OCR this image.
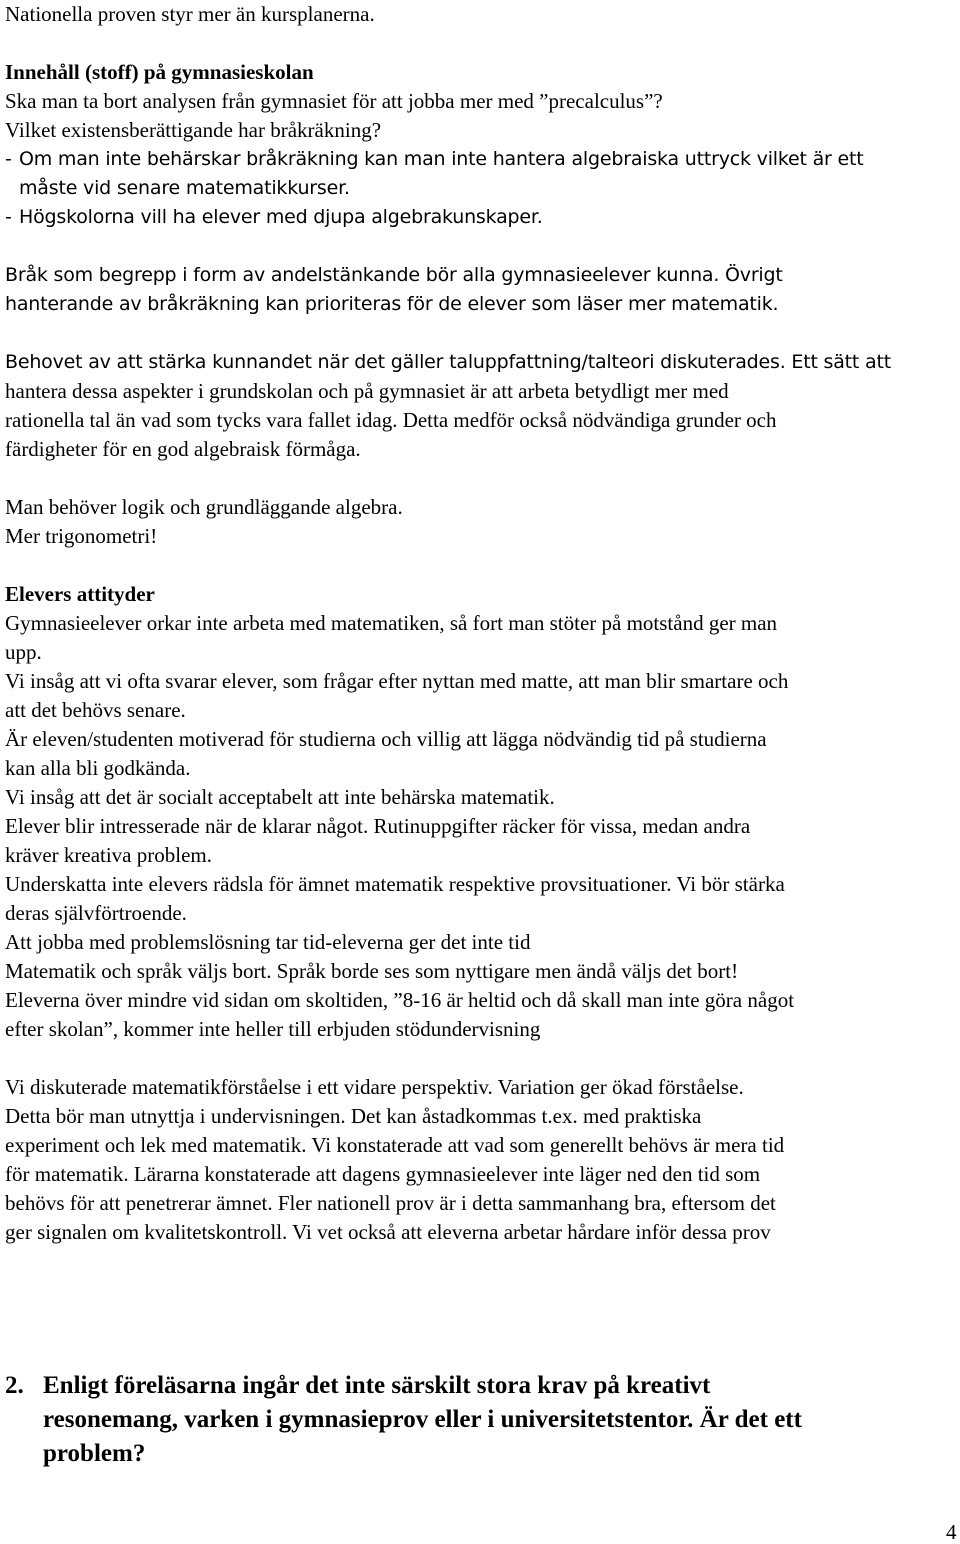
Nationella proven styr mer än kursplanerna.
Innehåll (stoff) på gymnasieskolan
Ska man ta bort analysen från gymnasiet för att jobba mer med ”precalculus”?
Vilket existensberättigande har bråkräkning?
- Om man inte behärskar bråkräkning kan man inte hantera algebraiska uttryck vilket är ett
måste vid senare matematikkurser.
- Högskolorna vill ha elever med djupa algebrakunskaper.
Bråk som begrepp i form av andelstänkande bör alla gymnasieelever kunna. Övrigt
hanterande av bråkräkning kan prioriteras för de elever som läser mer matematik.
Behovet av att stärka kunnandet när det gäller taluppfattning/talteori diskuterades. Ett sätt att
hantera dessa aspekter i grundskolan och på gymnasiet är att arbeta betydligt mer med
rationella tal än vad som tycks vara fallet idag. Detta medför också nödvändiga grunder och
färdigheter för en god algebraisk förmåga.
Man behöver logik och grundläggande algebra.
Mer trigonometri!
Elevers attityder
Gymnasieelever orkar inte arbeta med matematiken, så fort man stöter på motstånd ger man
upp.
Vi insåg att vi ofta svarar elever, som frågar efter nyttan med matte, att man blir smartare och
att det behövs senare.
Är eleven/studenten motiverad för studierna och villig att lägga nödvändig tid på studierna
kan alla bli godkända.
Vi insåg att det är socialt acceptabelt att inte behärska matematik.
Elever blir intresserade när de klarar något. Rutinuppgifter räcker för vissa, medan andra
kräver kreativa problem.
Underskatta inte elevers rädsla för ämnet matematik respektive provsituationer. Vi bör stärka
deras självförtroende.
Att jobba med problemslösning tar tid-eleverna ger det inte tid
Matematik och språk väljs bort. Språk borde ses som nyttigare men ändå väljs det bort!
Eleverna över mindre vid sidan om skoltiden, ”8-16 är heltid och då skall man inte göra något
efter skolan”, kommer inte heller till erbjuden stödundervisning
Vi diskuterade matematikförståelse i ett vidare perspektiv. Variation ger ökad förståelse.
Detta bör man utnyttja i undervisningen. Det kan åstadkommas t.ex. med praktiska
experiment och lek med matematik. Vi konstaterade att vad som generellt behövs är mera tid
för matematik. Lärarna konstaterade att dagens gymnasieelever inte läger ned den tid som
behövs för att penetrerar ämnet. Fler nationell prov är i detta sammanhang bra, eftersom det
ger signalen om kvalitetskontroll. Vi vet också att eleverna arbetar hårdare inför dessa prov
2. Enligt föreläsarna ingår det inte särskilt stora krav på kreativt
resonemang, varken i gymnasieprov eller i universitetstentor. Är det ett
problem?
4
